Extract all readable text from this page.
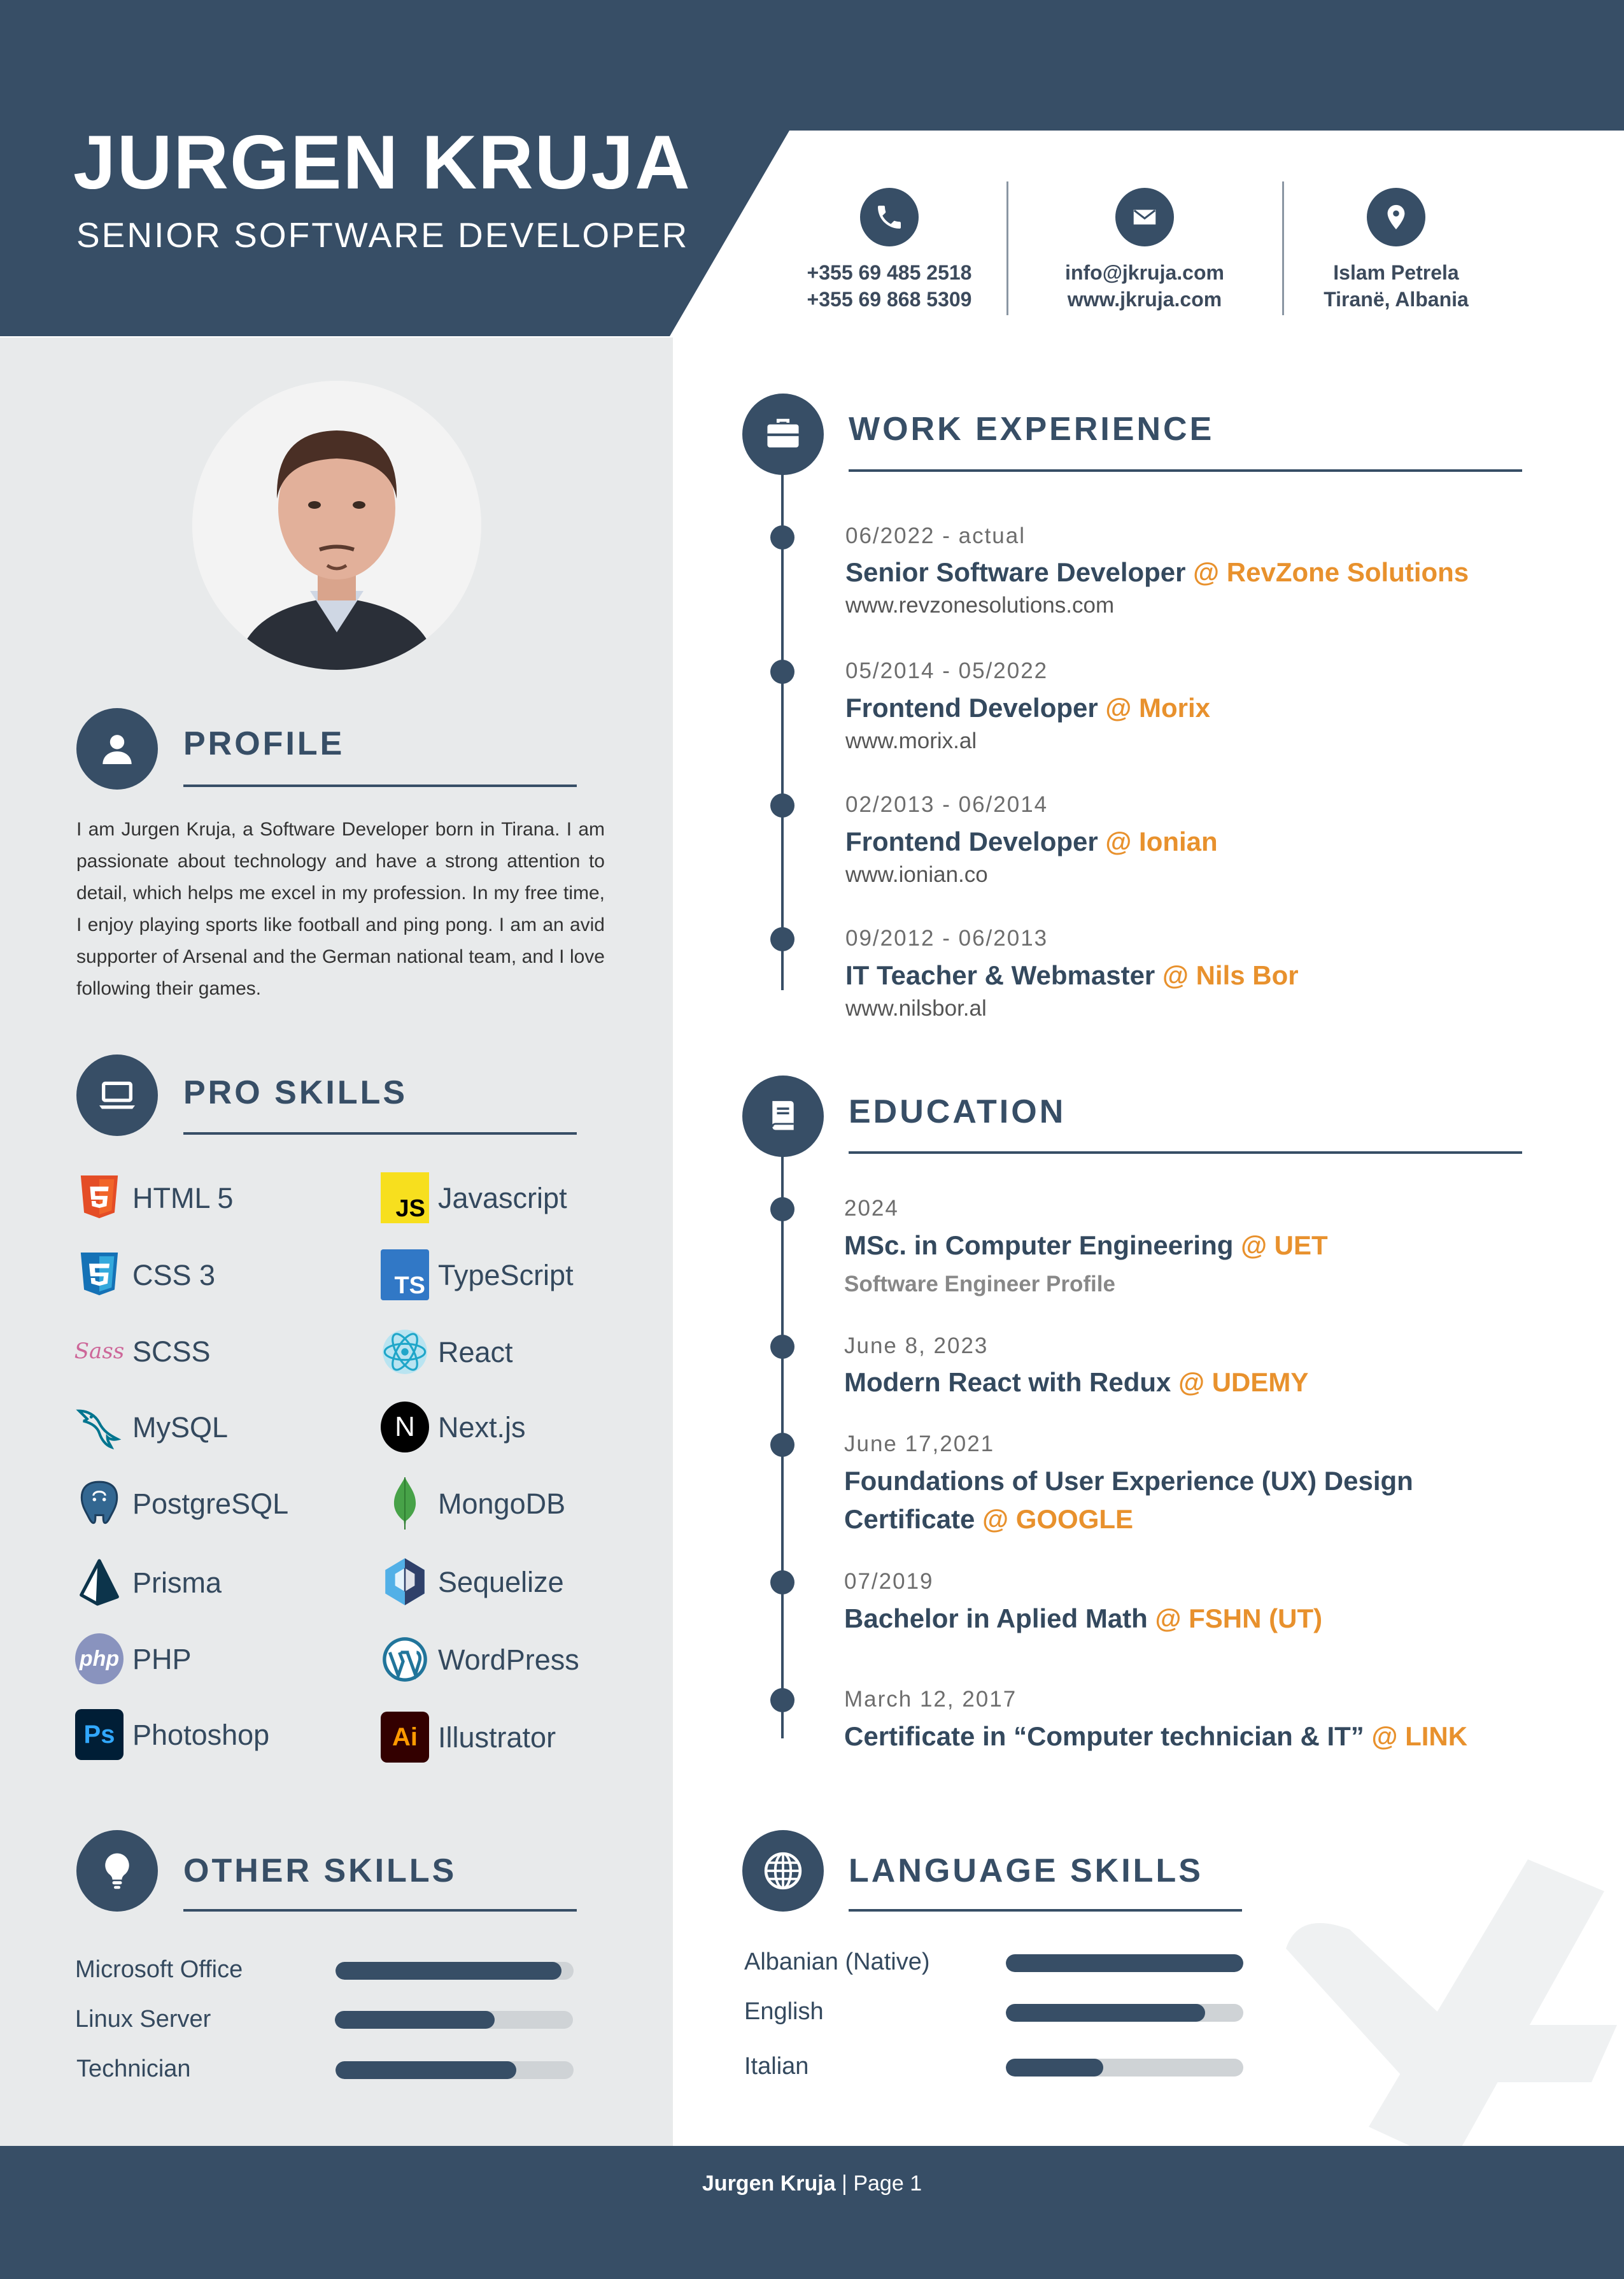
JURGEN KRUJA
SENIOR SOFTWARE DEVELOPER
+355 69 485 2518
+355 69 868 5309
info@jkruja.com
www.jkruja.com
Islam Petrela
Tiranë, Albania
PROFILE
I am Jurgen Kruja, a Software Developer born in Tirana. I am passionate about technology and have a strong attention to detail, which helps me excel in my profession. In my free time, I enjoy playing sports like football and ping pong. I am an avid supporter of Arsenal and the German national team, and I love following their games.
PRO SKILLS
HTML 5
CSS 3
Sass SCSS
MySQL
PostgreSQL
Prisma
php PHP
Ps Photoshop
JS Javascript
TS TypeScript
React
N Next.js
MongoDB
Sequelize
WordPress
Ai Illustrator
OTHER SKILLS
Microsoft Office
Linux Server
Technician
WORK EXPERIENCE
06/2022 - actual
Senior Software Developer @ RevZone Solutions
www.revzonesolutions.com
05/2014 - 05/2022
Frontend Developer @ Morix
www.morix.al
02/2013 - 06/2014
Frontend Developer @ Ionian
www.ionian.co
09/2012 - 06/2013
IT Teacher & Webmaster @ Nils Bor
www.nilsbor.al
EDUCATION
2024
MSc. in Computer Engineering @ UET
Software Engineer Profile
June 8, 2023
Modern React with Redux @ UDEMY
June 17,2021
Foundations of User Experience (UX) Design
Certificate @ GOOGLE
07/2019
Bachelor in Aplied Math @ FSHN (UT)
March 12, 2017
Certificate in “Computer technician & IT” @ LINK
LANGUAGE SKILLS
Albanian (Native)
English
Italian
Jurgen Kruja | Page 1
